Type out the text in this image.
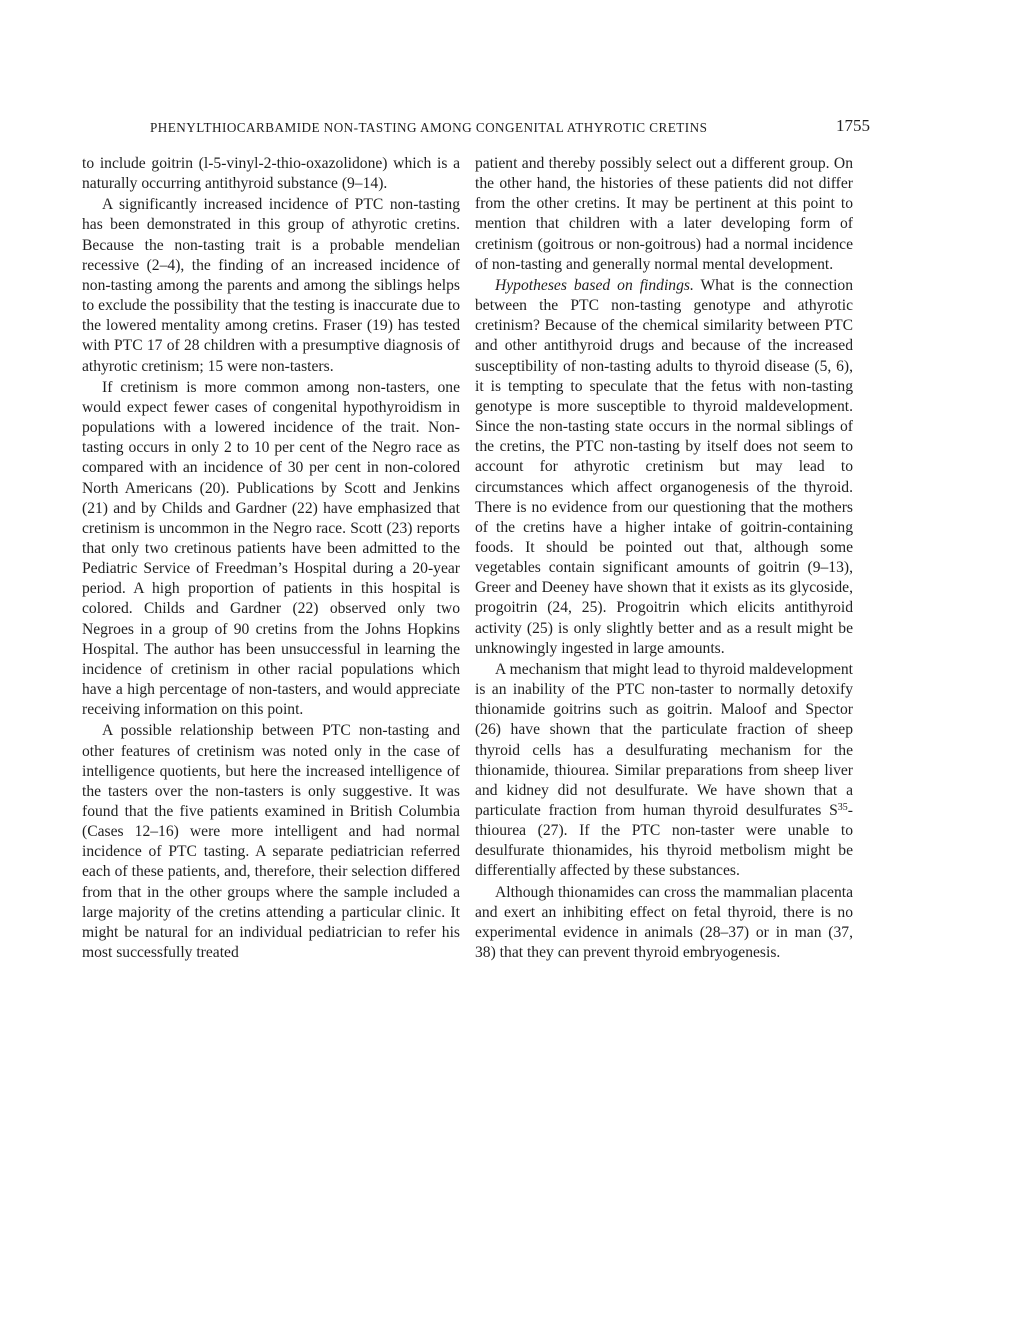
PHENYLTHIOCARBAMIDE NON-TASTING AMONG CONGENITAL ATHYROTIC CRETINS	1755

to include goitrin (l-5-vinyl-2-thio-oxazolidone) which is a naturally occurring antithyroid substance (9–14).

A significantly increased incidence of PTC non-tasting has been demonstrated in this group of athyrotic cretins. Because the non-tasting trait is a probable mendelian recessive (2–4), the finding of an increased incidence of non-tasting among the parents and among the siblings helps to exclude the possibility that the testing is inaccurate due to the lowered mentality among cretins. Fraser (19) has tested with PTC 17 of 28 children with a presumptive diagnosis of athyrotic cretinism; 15 were non-tasters.

If cretinism is more common among non-tasters, one would expect fewer cases of congenital hypothyroidism in populations with a lowered incidence of the trait. Non-tasting occurs in only 2 to 10 per cent of the Negro race as compared with an incidence of 30 per cent in non-colored North Americans (20). Publications by Scott and Jenkins (21) and by Childs and Gardner (22) have emphasized that cretinism is uncommon in the Negro race. Scott (23) reports that only two cretinous patients have been admitted to the Pediatric Service of Freedman’s Hospital during a 20-year period. A high proportion of patients in this hospital is colored. Childs and Gardner (22) observed only two Negroes in a group of 90 cretins from the Johns Hopkins Hospital. The author has been unsuccessful in learning the incidence of cretinism in other racial populations which have a high percentage of non-tasters, and would appreciate receiving information on this point.

A possible relationship between PTC non-tasting and other features of cretinism was noted only in the case of intelligence quotients, but here the increased intelligence of the tasters over the non-tasters is only suggestive. It was found that the five patients examined in British Columbia (Cases 12–16) were more intelligent and had normal incidence of PTC tasting. A separate pediatrician referred each of these patients, and, therefore, their selection differed from that in the other groups where the sample included a large majority of the cretins attending a particular clinic. It might be natural for an individual pediatrician to refer his most successfully treated

patient and thereby possibly select out a different group. On the other hand, the histories of these patients did not differ from the other cretins. It may be pertinent at this point to mention that children with a later developing form of cretinism (goitrous or non-goitrous) had a normal incidence of non-tasting and generally normal mental development.

Hypotheses based on findings. What is the connection between the PTC non-tasting genotype and athyrotic cretinism? Because of the chemical similarity between PTC and other antithyroid drugs and because of the increased susceptibility of non-tasting adults to thyroid disease (5, 6), it is tempting to speculate that the fetus with non-tasting genotype is more susceptible to thyroid maldevelopment. Since the non-tasting state occurs in the normal siblings of the cretins, the PTC non-tasting by itself does not seem to account for athyrotic cretinism but may lead to circumstances which affect organogenesis of the thyroid. There is no evidence from our questioning that the mothers of the cretins have a higher intake of goitrin-containing foods. It should be pointed out that, although some vegetables contain significant amounts of goitrin (9–13), Greer and Deeney have shown that it exists as its glycoside, progoitrin (24, 25). Progoitrin which elicits antithyroid activity (25) is only slightly better and as a result might be unknowingly ingested in large amounts.

A mechanism that might lead to thyroid maldevelopment is an inability of the PTC non-taster to normally detoxify thionamide goitrins such as goitrin. Maloof and Spector (26) have shown that the particulate fraction of sheep thyroid cells has a desulfurating mechanism for the thionamide, thiourea. Similar preparations from sheep liver and kidney did not desulfurate. We have shown that a particulate fraction from human thyroid desulfurates $S^{35}$-thiourea (27). If the PTC non-taster were unable to desulfurate thionamides, his thyroid metbolism might be differentially affected by these substances.

Although thionamides can cross the mammalian placenta and exert an inhibiting effect on fetal thyroid, there is no experimental evidence in animals (28–37) or in man (37, 38) that they can prevent thyroid embryogenesis.
